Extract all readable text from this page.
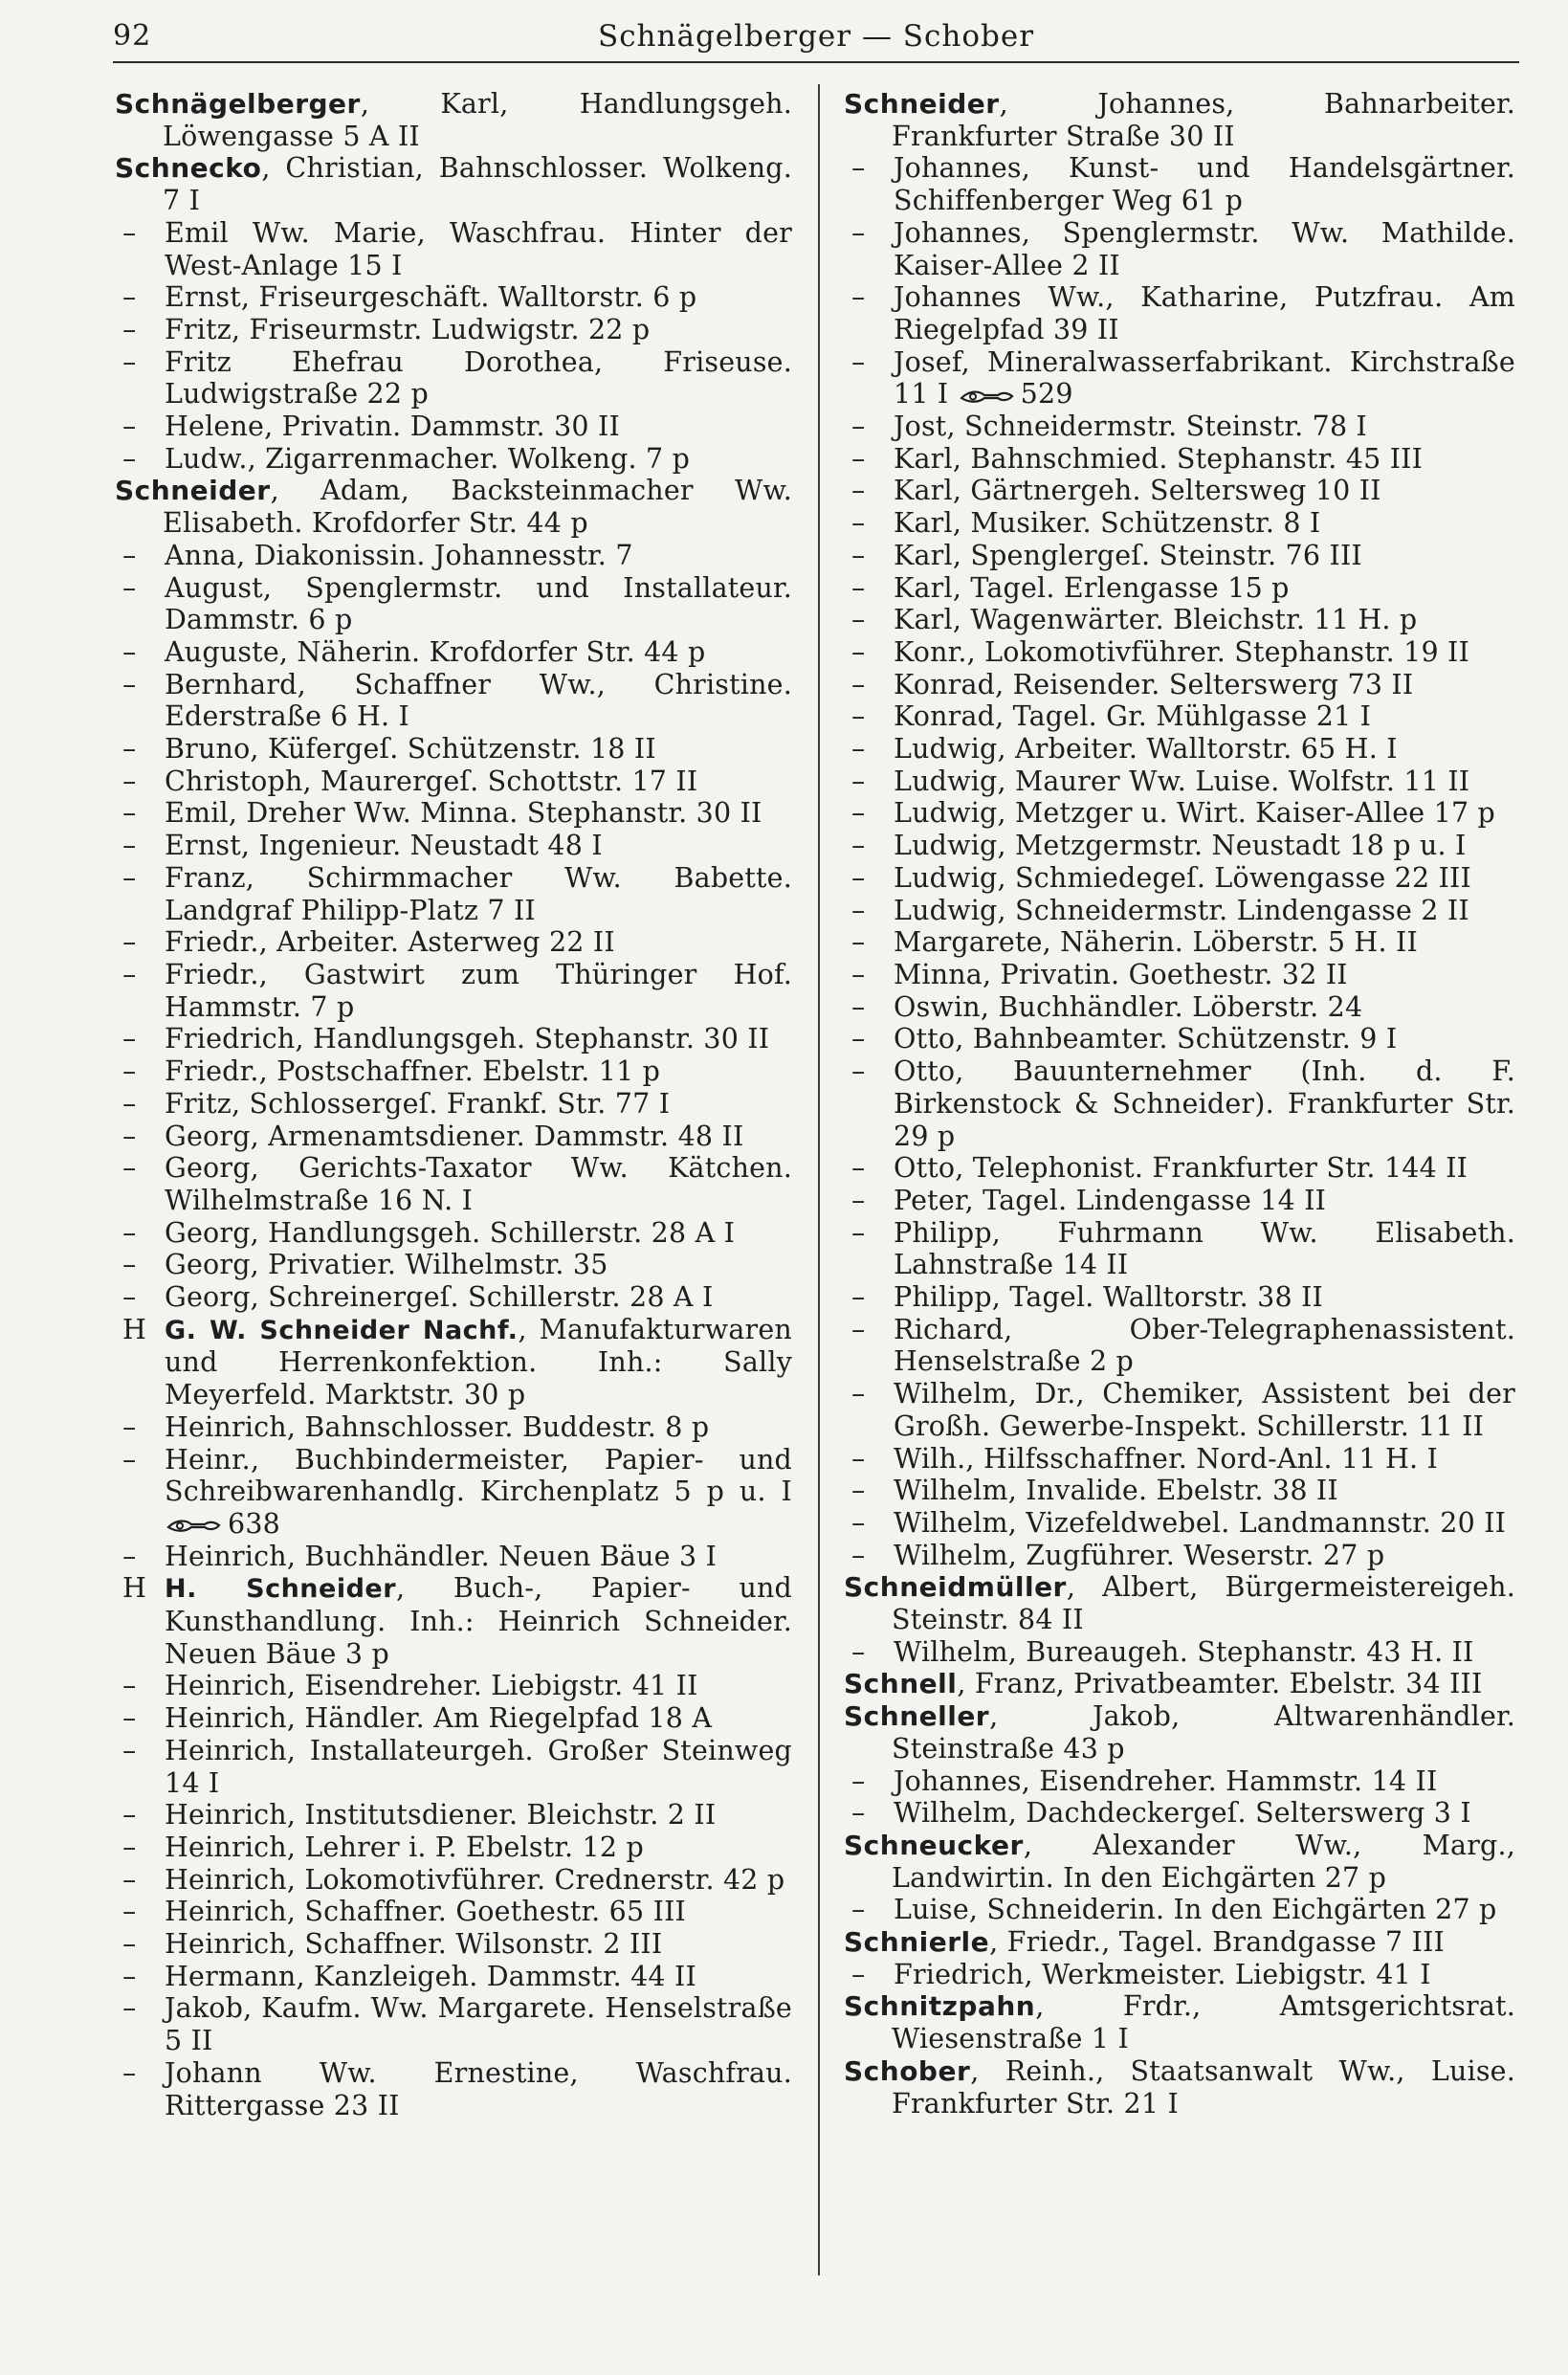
92	Schnägelberger — Schober
Schnägelberger, Karl, Handlungsgeh. Löwengasse 5 A II
Schnecko, Christian, Bahnschlosser. Wolkeng. 7 I
– Emil Ww. Marie, Waschfrau. Hinter der West-Anlage 15 I
– Ernst, Friseurgeschäft. Walltorstr. 6 p
– Fritz, Friseurmstr. Ludwigstr. 22 p
– Fritz Ehefrau Dorothea, Friseuse. Ludwigstraße 22 p
– Helene, Privatin. Dammstr. 30 II
– Ludw., Zigarrenmacher. Wolkeng. 7 p
Schneider, Adam, Backsteinmacher Ww. Elisabeth. Krofdorfer Str. 44 p
– Anna, Diakonissin. Johannesstr. 7
– August, Spenglermstr. und Installateur. Dammstr. 6 p
– Auguste, Näherin. Krofdorfer Str. 44 p
– Bernhard, Schaffner Ww., Christine. Ederstraße 6 H. I
– Bruno, Küfergeſ. Schützenstr. 18 II
– Christoph, Maurergeſ. Schottstr. 17 II
– Emil, Dreher Ww. Minna. Stephanstr. 30 II
– Ernst, Ingenieur. Neustadt 48 I
– Franz, Schirmmacher Ww. Babette. Landgraf Philipp-Platz 7 II
– Friedr., Arbeiter. Asterweg 22 II
– Friedr., Gastwirt zum Thüringer Hof. Hammstr. 7 p
– Friedrich, Handlungsgeh. Stephanstr. 30 II
– Friedr., Postschaffner. Ebelstr. 11 p
– Fritz, Schlossergeſ. Frankf. Str. 77 I
– Georg, Armenamtsdiener. Dammstr. 48 II
– Georg, Gerichts-Taxator Ww. Kätchen. Wilhelmstraße 16 N. I
– Georg, Handlungsgeh. Schillerstr. 28 A I
– Georg, Privatier. Wilhelmstr. 35
– Georg, Schreinergeſ. Schillerstr. 28 A I
H G. W. Schneider Nachf., Manufakturwaren und Herrenkonfektion. Inh.: Sally Meyerfeld. Marktstr. 30 p
– Heinrich, Bahnschlosser. Buddestr. 8 p
– Heinr., Buchbindermeister, Papier- und Schreibwarenhandlg. Kirchenplatz 5 p u. I 638
– Heinrich, Buchhändler. Neuen Bäue 3 I
H H. Schneider, Buch-, Papier- und Kunsthandlung. Inh.: Heinrich Schneider. Neuen Bäue 3 p
– Heinrich, Eisendreher. Liebigstr. 41 II
– Heinrich, Händler. Am Riegelpfad 18 A
– Heinrich, Installateurgeh. Großer Steinweg 14 I
– Heinrich, Institutsdiener. Bleichstr. 2 II
– Heinrich, Lehrer i. P. Ebelstr. 12 p
– Heinrich, Lokomotivführer. Crednerstr. 42 p
– Heinrich, Schaffner. Goethestr. 65 III
– Heinrich, Schaffner. Wilsonstr. 2 III
– Hermann, Kanzleigeh. Dammstr. 44 II
– Jakob, Kaufm. Ww. Margarete. Henselstraße 5 II
– Johann Ww. Ernestine, Waschfrau. Rittergasse 23 II
Schneider, Johannes, Bahnarbeiter. Frankfurter Straße 30 II
– Johannes, Kunst- und Handelsgärtner. Schiffenberger Weg 61 p
– Johannes, Spenglermstr. Ww. Mathilde. Kaiser-Allee 2 II
– Johannes Ww., Katharine, Putzfrau. Am Riegelpfad 39 II
– Josef, Mineralwasserfabrikant. Kirchstraße 11 I	529
– Jost, Schneidermstr. Steinstr. 78 I
– Karl, Bahnschmied. Stephanstr. 45 III
– Karl, Gärtnergeh. Seltersweg 10 II
– Karl, Musiker. Schützenstr. 8 I
– Karl, Spenglergeſ. Steinstr. 76 III
– Karl, Tagel. Erlengasse 15 p
– Karl, Wagenwärter. Bleichstr. 11 H. p
– Konr., Lokomotivführer. Stephanstr. 19 II
– Konrad, Reisender. Selterswerg 73 II
– Konrad, Tagel. Gr. Mühlgasse 21 I
– Ludwig, Arbeiter. Walltorstr. 65 H. I
– Ludwig, Maurer Ww. Luise. Wolfstr. 11 II
– Ludwig, Metzger u. Wirt. Kaiser-Allee 17 p
– Ludwig, Metzgermstr. Neustadt 18 p u. I
– Ludwig, Schmiedegeſ. Löwengasse 22 III
– Ludwig, Schneidermstr. Lindengasse 2 II
– Margarete, Näherin. Löberstr. 5 H. II
– Minna, Privatin. Goethestr. 32 II
– Oswin, Buchhändler. Löberstr. 24
– Otto, Bahnbeamter. Schützenstr. 9 I
– Otto, Bauunternehmer (Inh. d. F. Birkenstock & Schneider). Frankfurter Str. 29 p
– Otto, Telephonist. Frankfurter Str. 144 II
– Peter, Tagel. Lindengasse 14 II
– Philipp, Fuhrmann Ww. Elisabeth. Lahnstraße 14 II
– Philipp, Tagel. Walltorstr. 38 II
– Richard, Ober-Telegraphenassistent. Henselstraße 2 p
– Wilhelm, Dr., Chemiker, Assistent bei der Großh. Gewerbe-Inspekt. Schillerstr. 11 II
– Wilh., Hilfsschaffner. Nord-Anl. 11 H. I
– Wilhelm, Invalide. Ebelstr. 38 II
– Wilhelm, Vizefeldwebel. Landmannstr. 20 II
– Wilhelm, Zugführer. Weserstr. 27 p
Schneidmüller, Albert, Bürgermeistereigeh. Steinstr. 84 II
– Wilhelm, Bureaugeh. Stephanstr. 43 H. II
Schnell, Franz, Privatbeamter. Ebelstr. 34 III
Schneller, Jakob, Altwarenhändler. Steinstraße 43 p
– Johannes, Eisendreher. Hammstr. 14 II
– Wilhelm, Dachdeckergeſ. Selterswerg 3 I
Schneucker, Alexander Ww., Marg., Landwirtin. In den Eichgärten 27 p
– Luise, Schneiderin. In den Eichgärten 27 p
Schnierle, Friedr., Tagel. Brandgasse 7 III
– Friedrich, Werkmeister. Liebigstr. 41 I
Schnitzpahn, Frdr., Amtsgerichtsrat. Wiesenstraße 1 I
Schober, Reinh., Staatsanwalt Ww., Luise. Frankfurter Str. 21 I
